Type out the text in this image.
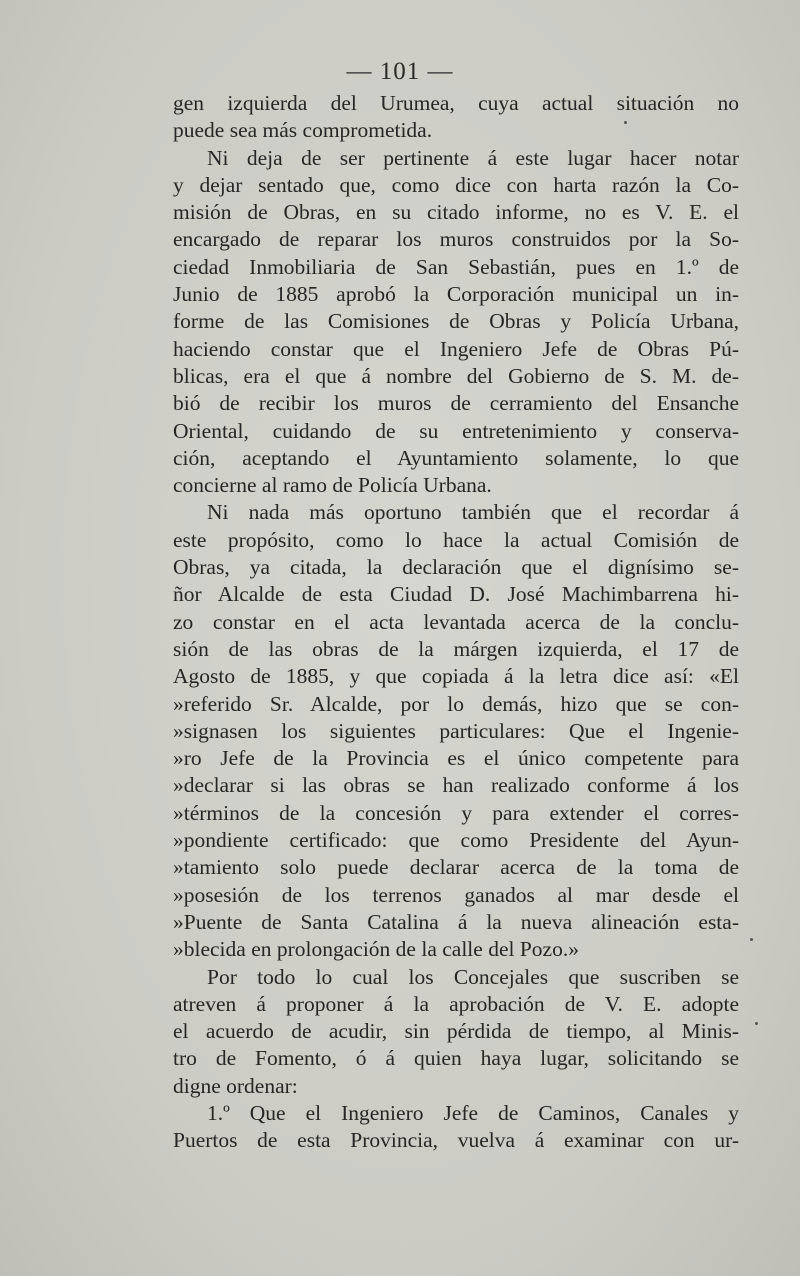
— 101 —
gen izquierda del Urumea, cuya actual situación no
puede sea más comprometida.
Ni deja de ser pertinente á este lugar hacer notar
y dejar sentado que, como dice con harta razón la Co-
misión de Obras, en su citado informe, no es V. E. el
encargado de reparar los muros construidos por la So-
ciedad Inmobiliaria de San Sebastián, pues en 1.º de
Junio de 1885 aprobó la Corporación municipal un in-
forme de las Comisiones de Obras y Policía Urbana,
haciendo constar que el Ingeniero Jefe de Obras Pú-
blicas, era el que á nombre del Gobierno de S. M. de-
bió de recibir los muros de cerramiento del Ensanche
Oriental, cuidando de su entretenimiento y conserva-
ción, aceptando el Ayuntamiento solamente, lo que
concierne al ramo de Policía Urbana.
Ni nada más oportuno también que el recordar á
este propósito, como lo hace la actual Comisión de
Obras, ya citada, la declaración que el dignísimo se-
ñor Alcalde de esta Ciudad D. José Machimbarrena hi-
zo constar en el acta levantada acerca de la conclu-
sión de las obras de la márgen izquierda, el 17 de
Agosto de 1885, y que copiada á la letra dice así: «El
»referido Sr. Alcalde, por lo demás, hizo que se con-
»signasen los siguientes particulares: Que el Ingenie-
»ro Jefe de la Provincia es el único competente para
»declarar si las obras se han realizado conforme á los
»términos de la concesión y para extender el corres-
»pondiente certificado: que como Presidente del Ayun-
»tamiento solo puede declarar acerca de la toma de
»posesión de los terrenos ganados al mar desde el
»Puente de Santa Catalina á la nueva alineación esta-
»blecida en prolongación de la calle del Pozo.»
Por todo lo cual los Concejales que suscriben se
atreven á proponer á la aprobación de V. E. adopte
el acuerdo de acudir, sin pérdida de tiempo, al Minis-
tro de Fomento, ó á quien haya lugar, solicitando se
digne ordenar:
1.º Que el Ingeniero Jefe de Caminos, Canales y
Puertos de esta Provincia, vuelva á examinar con ur-
